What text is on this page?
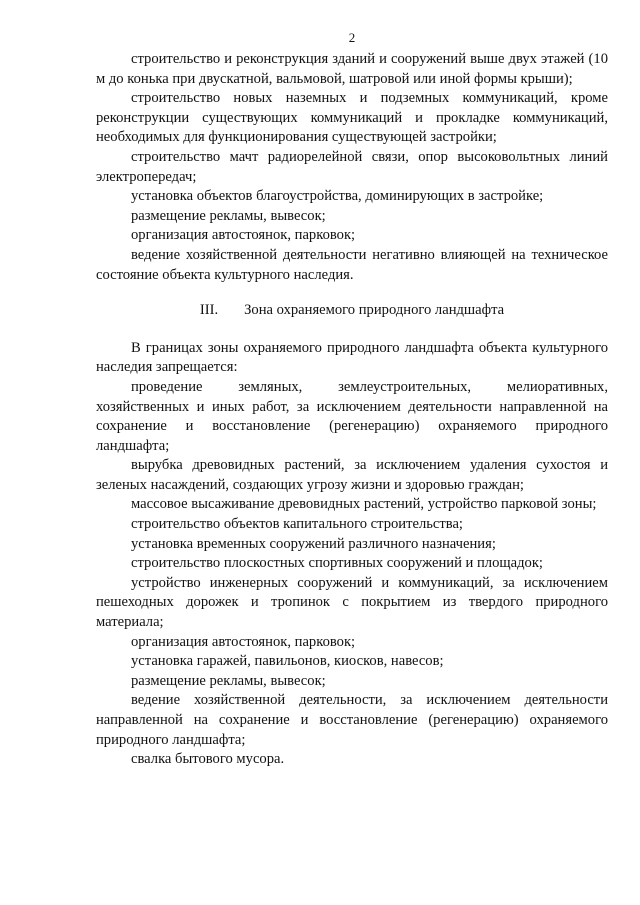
2

строительство и реконструкция зданий и сооружений выше двух этажей (10 м до конька при двускатной, вальмовой, шатровой или иной формы крыши);

строительство новых наземных и подземных коммуникаций, кроме реконструкции существующих коммуникаций и прокладке коммуникаций, необходимых для функционирования существующей застройки;

строительство мачт радиорелейной связи, опор высоковольтных линий электропередач;

установка объектов благоустройства, доминирующих в застройке;

размещение рекламы, вывесок;

организация автостоянок, парковок;

ведение хозяйственной деятельности негативно влияющей на техническое состояние объекта культурного наследия.

III. Зона охраняемого природного ландшафта

В границах зоны охраняемого природного ландшафта объекта культурного наследия запрещается:

проведение земляных, землеустроительных, мелиоративных, хозяйственных и иных работ, за исключением деятельности направленной на сохранение и восстановление (регенерацию) охраняемого природного ландшафта;

вырубка древовидных растений, за исключением удаления сухостоя и зеленых насаждений, создающих угрозу жизни и здоровью граждан;

массовое высаживание древовидных растений, устройство парковой зоны;

строительство объектов капитального строительства;

установка временных сооружений различного назначения;

строительство плоскостных спортивных сооружений и площадок;

устройство инженерных сооружений и коммуникаций, за исключением пешеходных дорожек и тропинок с покрытием из твердого природного материала;

организация автостоянок, парковок;

установка гаражей, павильонов, киосков, навесов;

размещение рекламы, вывесок;

ведение хозяйственной деятельности, за исключением деятельности направленной на сохранение и восстановление (регенерацию) охраняемого природного ландшафта;

свалка бытового мусора.
